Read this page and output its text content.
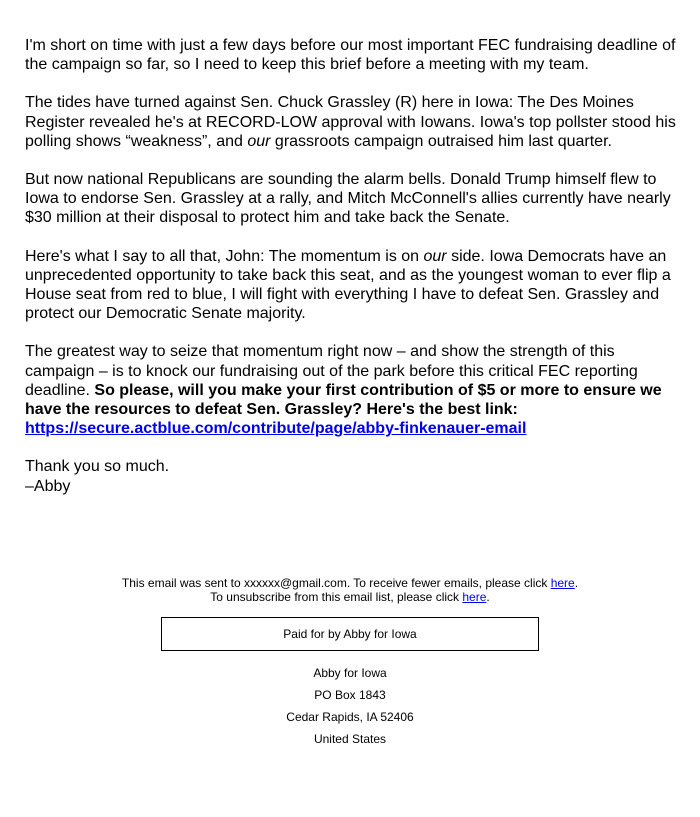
I'm short on time with just a few days before our most important FEC fundraising deadline of the campaign so far, so I need to keep this brief before a meeting with my team.

The tides have turned against Sen. Chuck Grassley (R) here in Iowa: The Des Moines Register revealed he's at RECORD-LOW approval with Iowans. Iowa's top pollster stood his polling shows “weakness”, and our grassroots campaign outraised him last quarter.

But now national Republicans are sounding the alarm bells. Donald Trump himself flew to Iowa to endorse Sen. Grassley at a rally, and Mitch McConnell's allies currently have nearly $30 million at their disposal to protect him and take back the Senate.

Here's what I say to all that, John: The momentum is on our side. Iowa Democrats have an unprecedented opportunity to take back this seat, and as the youngest woman to ever flip a House seat from red to blue, I will fight with everything I have to defeat Sen. Grassley and protect our Democratic Senate majority.

The greatest way to seize that momentum right now – and show the strength of this campaign – is to knock our fundraising out of the park before this critical FEC reporting deadline. So please, will you make your first contribution of $5 or more to ensure we have the resources to defeat Sen. Grassley? Here's the best link:
https://secure.actblue.com/contribute/page/abby-finkenauer-email

Thank you so much.
–Abby

This email was sent to xxxxxx@gmail.com. To receive fewer emails, please click here.
To unsubscribe from this email list, please click here.
Paid for by Abby for Iowa
Abby for Iowa
PO Box 1843
Cedar Rapids, IA 52406
United States
